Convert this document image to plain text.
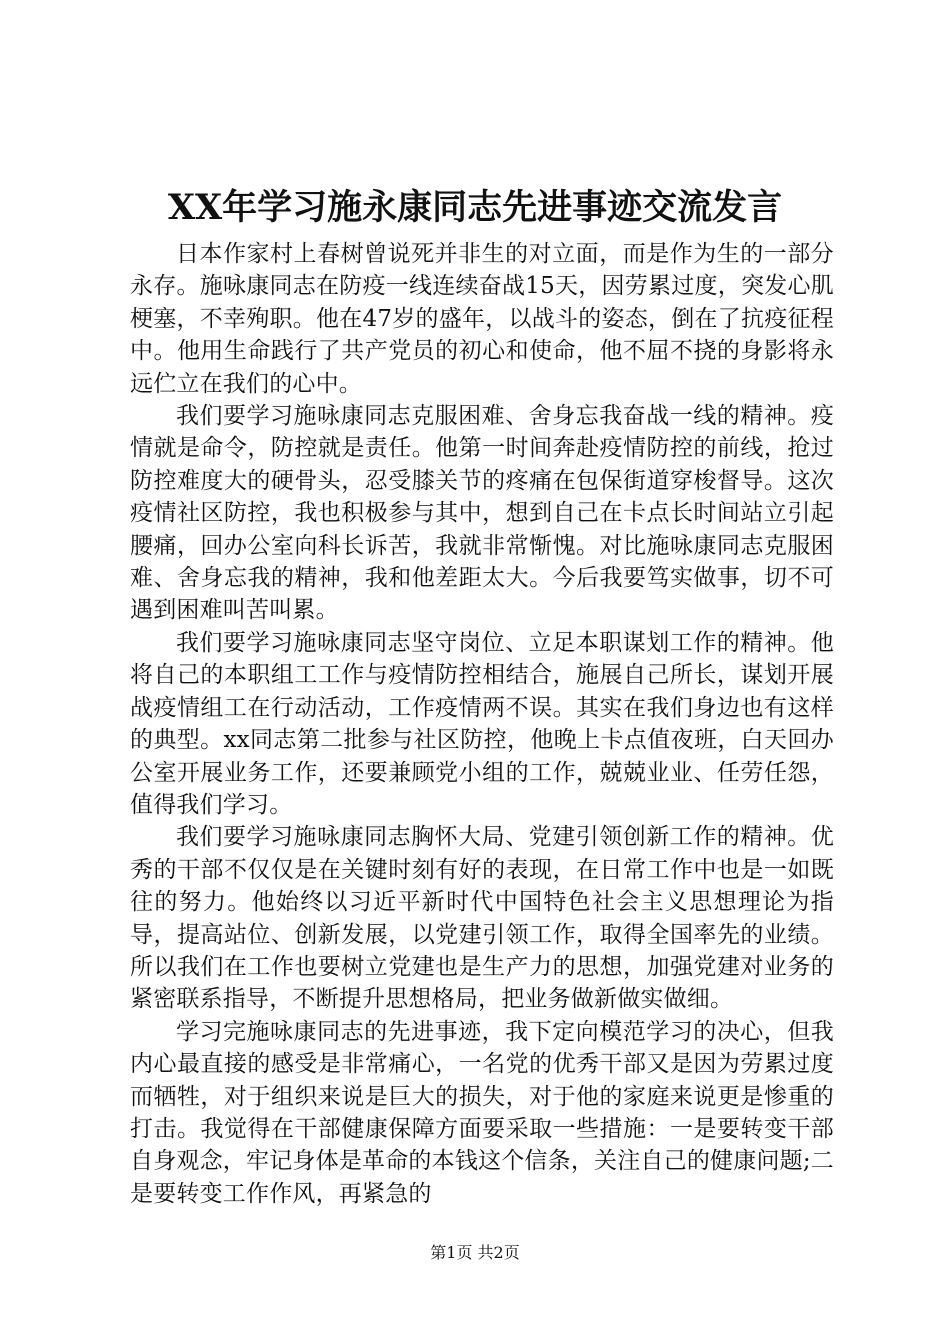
XX年学习施永康同志先进事迹交流发言

日本作家村上春树曾说死并非生的对立面，而是作为生的一部分永存。施咏康同志在防疫一线连续奋战15天，因劳累过度，突发心肌梗塞，不幸殉职。他在47岁的盛年，以战斗的姿态，倒在了抗疫征程中。他用生命践行了共产党员的初心和使命，他不屈不挠的身影将永远伫立在我们的心中。

我们要学习施咏康同志克服困难、舍身忘我奋战一线的精神。疫情就是命令，防控就是责任。他第一时间奔赴疫情防控的前线，抢过防控难度大的硬骨头，忍受膝关节的疼痛在包保街道穿梭督导。这次疫情社区防控，我也积极参与其中，想到自己在卡点长时间站立引起腰痛，回办公室向科长诉苦，我就非常惭愧。对比施咏康同志克服困难、舍身忘我的精神，我和他差距太大。今后我要笃实做事，切不可遇到困难叫苦叫累。

我们要学习施咏康同志坚守岗位、立足本职谋划工作的精神。他将自己的本职组工工作与疫情防控相结合，施展自己所长，谋划开展战疫情组工在行动活动，工作疫情两不误。其实在我们身边也有这样的典型。xx同志第二批参与社区防控，他晚上卡点值夜班，白天回办公室开展业务工作，还要兼顾党小组的工作，兢兢业业、任劳任怨，值得我们学习。

我们要学习施咏康同志胸怀大局、党建引领创新工作的精神。优秀的干部不仅仅是在关键时刻有好的表现，在日常工作中也是一如既往的努力。他始终以习近平新时代中国特色社会主义思想理论为指导，提高站位、创新发展，以党建引领工作，取得全国率先的业绩。所以我们在工作也要树立党建也是生产力的思想，加强党建对业务的紧密联系指导，不断提升思想格局，把业务做新做实做细。

学习完施咏康同志的先进事迹，我下定向模范学习的决心，但我内心最直接的感受是非常痛心，一名党的优秀干部又是因为劳累过度而牺牲，对于组织来说是巨大的损失，对于他的家庭来说更是惨重的打击。我觉得在干部健康保障方面要采取一些措施：一是要转变干部自身观念，牢记身体是革命的本钱这个信条，关注自己的健康问题;二是要转变工作作风，再紧急的

第1页 共2页
